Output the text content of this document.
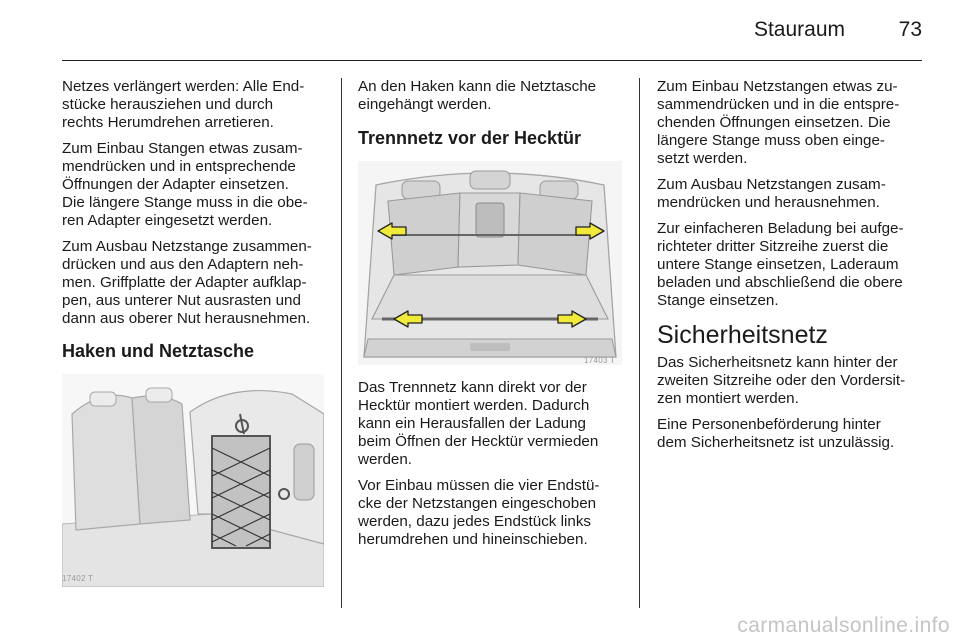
Stauraum	73

Netzes verlängert werden: Alle End-
stücke herausziehen und durch
rechts Herumdrehen arretieren.

Zum Einbau Stangen etwas zusam-
mendrücken und in entsprechende
Öffnungen der Adapter einsetzen.
Die längere Stange muss in die obe-
ren Adapter eingesetzt werden.

Zum Ausbau Netzstange zusammen-
drücken und aus den Adaptern neh-
men. Griffplatte der Adapter aufklap-
pen, aus unterer Nut ausrasten und
dann aus oberer Nut herausnehmen.

Haken und Netztasche
17402 T

An den Haken kann die Netztasche
eingehängt werden.

Trennnetz vor der Hecktür
17403 T

Das Trennnetz kann direkt vor der
Hecktür montiert werden. Dadurch
kann ein Herausfallen der Ladung
beim Öffnen der Hecktür vermieden
werden.

Vor Einbau müssen die vier Endstü-
cke der Netzstangen eingeschoben
werden, dazu jedes Endstück links
herumdrehen und hineinschieben.

Zum Einbau Netzstangen etwas zu-
sammendrücken und in die entspre-
chenden Öffnungen einsetzen. Die
längere Stange muss oben einge-
setzt werden.

Zum Ausbau Netzstangen zusam-
mendrücken und herausnehmen.

Zur einfacheren Beladung bei aufge-
richteter dritter Sitzreihe zuerst die
untere Stange einsetzen, Laderaum
beladen und abschließend die obere
Stange einsetzen.

Sicherheitsnetz

Das Sicherheitsnetz kann hinter der
zweiten Sitzreihe oder den Vordersit-
zen montiert werden.

Eine Personenbeförderung hinter
dem Sicherheitsnetz ist unzulässig.

carmanualsonline.info
